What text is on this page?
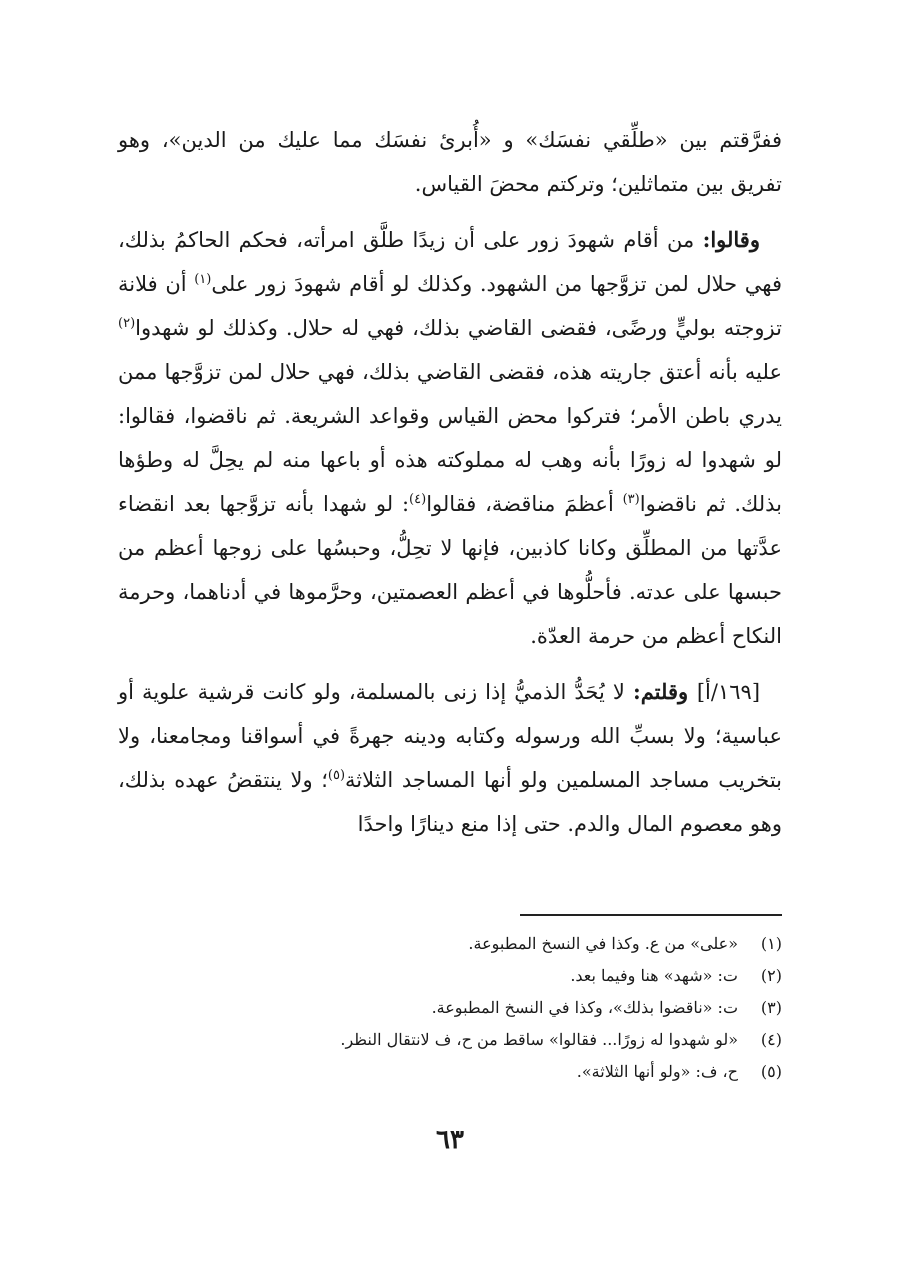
ففرَّقتم بين «طلِّقي نفسَك» و «أُبرئ نفسَك مما عليك من الدين»، وهو تفريق بين متماثلين؛ وتركتم محضَ القياس.

وقالوا: من أقام شهودَ زور على أن زيدًا طلَّق امرأته، فحكم الحاكمُ بذلك، فهي حلال لمن تزوَّجها من الشهود. وكذلك لو أقام شهودَ زور على$^{(١)}$ أن فلانة تزوجته بوليٍّ ورضًى، فقضى القاضي بذلك، فهي له حلال. وكذلك لو شهدوا$^{(٢)}$ عليه بأنه أعتق جاريته هذه، فقضى القاضي بذلك، فهي حلال لمن تزوَّجها ممن يدري باطن الأمر؛ فتركوا محض القياس وقواعد الشريعة. ثم ناقضوا، فقالوا: لو شهدوا له زورًا بأنه وهب له مملوكته هذه أو باعها منه لم يحِلَّ له وطؤها بذلك. ثم ناقضوا$^{(٣)}$ أعظمَ مناقضة، فقالوا$^{(٤)}$: لو شهدا بأنه تزوَّجها بعد انقضاء عدَّتها من المطلِّق وكانا كاذبين، فإنها لا تحِلُّ، وحبسُها على زوجها أعظم من حبسها على عدته. فأحلُّوها في أعظم العصمتين، وحرَّموها في أدناهما، وحرمة النكاح أعظم من حرمة العدّة.

[١٦٩/أ] وقلتم: لا يُحَدُّ الذميُّ إذا زنى بالمسلمة، ولو كانت قرشية علوية أو عباسية؛ ولا بسبِّ الله ورسوله وكتابه ودينه جهرةً في أسواقنا ومجامعنا، ولا بتخريب مساجد المسلمين ولو أنها المساجد الثلاثة$^{(٥)}$؛ ولا ينتقضُ عهده بذلك، وهو معصوم المال والدم. حتى إذا منع دينارًا واحدًا

(١)
«على» من ع. وكذا في النسخ المطبوعة.
(٢)
ت: «شهد» هنا وفيما بعد.
(٣)
ت: «ناقضوا بذلك»، وكذا في النسخ المطبوعة.
(٤)
«لو شهدوا له زورًا... فقالوا» ساقط من ح، ف لانتقال النظر.
(٥)
ح، ف: «ولو أنها الثلاثة».
٦٣
